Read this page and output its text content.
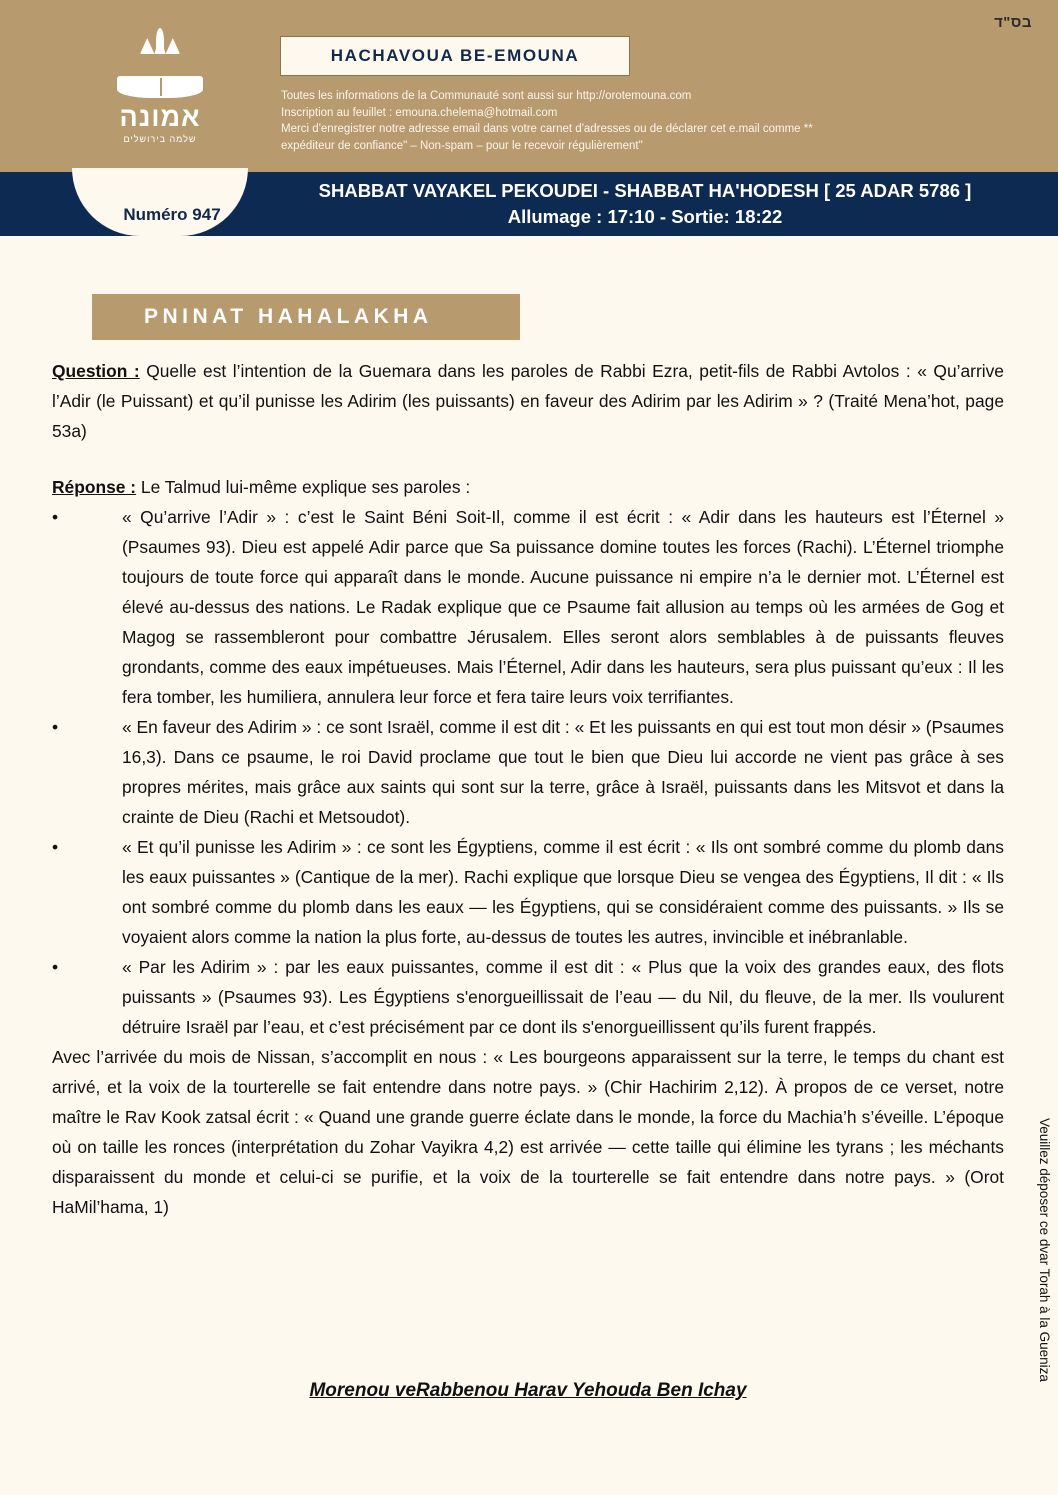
בס"ד
HACHAVOUA BE-EMOUNA
Toutes les informations de la Communauté sont aussi sur http://orotemouna.com
Inscription au feuillet : emouna.chelema@hotmail.com
Merci d'enregistrer notre adresse email dans votre carnet d'adresses ou de déclarer cet e.mail comme **
expéditeur de confiance" – Non-spam – pour le recevoir régulièrement"
אמונה
שלמה בירושלים
Numéro 947
SHABBAT VAYAKEL PEKOUDEI - SHABBAT HA'HODESH [ 25 ADAR 5786 ]
Allumage : 17:10 - Sortie: 18:22
PNINAT HAHALAKHA

Question : Quelle est l’intention de la Guemara dans les paroles de Rabbi Ezra, petit-fils de Rabbi Avtolos : « Qu’arrive l’Adir (le Puissant) et qu’il punisse les Adirim (les puissants) en faveur des Adirim par les Adirim » ? (Traité Mena’hot, page 53a)

Réponse : Le Talmud lui-même explique ses paroles :

•	« Qu’arrive l’Adir » : c’est le Saint Béni Soit-Il, comme il est écrit : « Adir dans les hauteurs est l’Éternel » (Psaumes 93). Dieu est appelé Adir parce que Sa puissance domine toutes les forces (Rachi). L’Éternel triomphe toujours de toute force qui apparaît dans le monde. Aucune puissance ni empire n’a le dernier mot. L’Éternel est élevé au-dessus des nations. Le Radak explique que ce Psaume fait allusion au temps où les armées de Gog et Magog se rassembleront pour combattre Jérusalem. Elles seront alors semblables à de puissants fleuves grondants, comme des eaux impétueuses. Mais l’Éternel, Adir dans les hauteurs, sera plus puissant qu’eux : Il les fera tomber, les humiliera, annulera leur force et fera taire leurs voix terrifiantes.
•	« En faveur des Adirim » : ce sont Israël, comme il est dit : « Et les puissants en qui est tout mon désir » (Psaumes 16,3). Dans ce psaume, le roi David proclame que tout le bien que Dieu lui accorde ne vient pas grâce à ses propres mérites, mais grâce aux saints qui sont sur la terre, grâce à Israël, puissants dans les Mitsvot et dans la crainte de Dieu (Rachi et Metsoudot).
•	« Et qu’il punisse les Adirim » : ce sont les Égyptiens, comme il est écrit : « Ils ont sombré comme du plomb dans les eaux puissantes » (Cantique de la mer). Rachi explique que lorsque Dieu se vengea des Égyptiens, Il dit : « Ils ont sombré comme du plomb dans les eaux — les Égyptiens, qui se considéraient comme des puissants. » Ils se voyaient alors comme la nation la plus forte, au-dessus de toutes les autres, invincible et inébranlable.
•	« Par les Adirim » : par les eaux puissantes, comme il est dit : « Plus que la voix des grandes eaux, des flots puissants » (Psaumes 93). Les Égyptiens s'enorgueillissait de l’eau — du Nil, du fleuve, de la mer. Ils voulurent détruire Israël par l’eau, et c’est précisément par ce dont ils s'enorgueillissent qu’ils furent frappés.

Avec l’arrivée du mois de Nissan, s’accomplit en nous : « Les bourgeons apparaissent sur la terre, le temps du chant est arrivé, et la voix de la tourterelle se fait entendre dans notre pays. » (Chir Hachirim 2,12). À propos de ce verset, notre maître le Rav Kook zatsal écrit : « Quand une grande guerre éclate dans le monde, la force du Machia’h s’éveille. L’époque où on taille les ronces (interprétation du Zohar Vayikra 4,2) est arrivée — cette taille qui élimine les tyrans ; les méchants disparaissent du monde et celui-ci se purifie, et la voix de la tourterelle se fait entendre dans notre pays. » (Orot HaMil’hama, 1)

Morenou veRabbenou Harav Yehouda Ben Ichay
Veuillez déposer ce dvar Torah à la Gueniza
